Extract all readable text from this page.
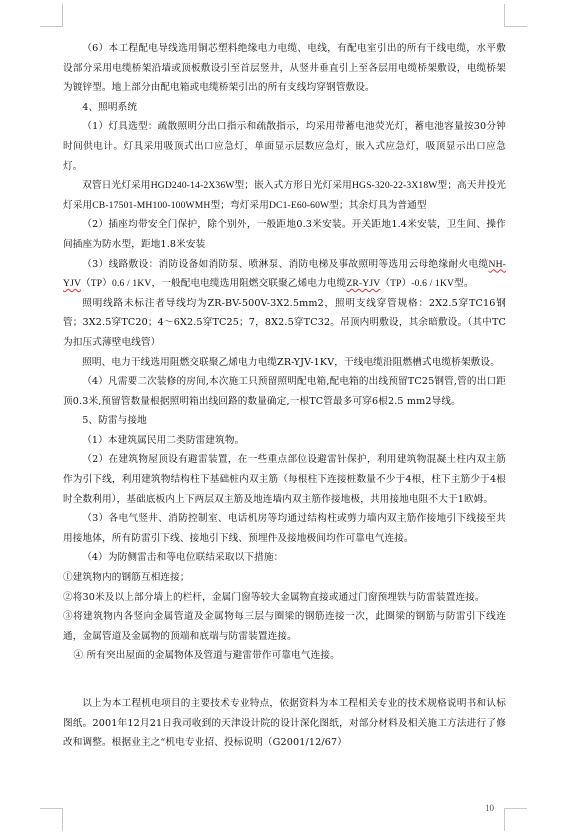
（6）本工程配电导线选用铜芯塑料绝缘电力电缆、电线，有配电室引出的所有干线电缆，水平敷设部分采用电缆桥架沿墙或顶板敷设引至首层竖井，从竖井垂直引上至各层用电缆桥架敷设，电缆桥架为镀锌型。地上部分由配电箱或电缆桥架引出的所有支线均穿钢管敷设。

4、照明系统

（1）灯具选型：疏散照明分出口指示和疏散指示，均采用带蓄电池荧光灯，蓄电池容量按30分钟时间供电计。灯具采用吸顶式出口应急灯，单面显示层数应急灯，嵌入式应急灯，吸顶显示出口应急灯。

双管日光灯采用HGD240-14-2X36W型；嵌入式方形日光灯采用HGS-320-22-3X18W型；高天井投光灯采用CB-17501-MH100-100WMH型；弯灯采用DC1-E60-60W型；其余灯具为普通型

（2）插座均带安全门保护，除个别外，一般距地0.3米安装。开关距地1.4米安装，卫生间、操作间插座为防水型，距地1.8米安装

（3）线路敷设：消防设备如消防泵、喷淋泵、消防电梯及事故照明等选用云母绝缘耐火电缆NH-YJV（TP）0.6 / 1KV，一般配电电缆选用阻燃交联聚乙烯电力电缆ZR-YJV（TP）-0.6 / 1KV型。

照明线路未标注者导线均为ZR-BV-500V-3X2.5mm2，照明支线穿管规格：2X2.5穿TC16钢管；3X2.5穿TC20；4～6X2.5穿TC25；7，8X2.5穿TC32。吊顶内明敷设，其余暗敷设。（其中TC为扣压式薄壁电线管）

照明、电力干线选用阻燃交联聚乙烯电力电缆ZR-YJV-1KV，干线电缆沿阻燃槽式电缆桥架敷设。

（4）凡需要二次装修的房间,本次施工只预留照明配电箱,配电箱的出线预留TC25钢管,管的出口距顶0.3米,预留管数量根据照明箱出线回路的数量确定,一根TC管最多可穿6根2.5 mm2导线。

5、防雷与接地

（1）本建筑属民用二类防雷建筑物。

（2）在建筑物屋顶设有避雷装置，在一些重点部位设避雷针保护，利用建筑物混凝土柱内双主筋作为引下线，利用建筑物结构柱下基础桩内双主筋（每根柱下连接桩数量不少于4根，柱下主筋少于4根时全数利用），基础底板内上下两层双主筋及地连墙内双主筋作接地极，共用接地电阻不大于1欧姆。

（3）各电气竖井、消防控制室、电话机房等均通过结构柱或剪力墙内双主筋作接地引下线接至共用接地体，所有防雷引下线、接地引下线、预埋件及接地极间均作可靠电气连接。

（4）为防侧雷击和等电位联结采取以下措施：

①建筑物内的钢筋互相连接；

②将30米及以上部分墙上的栏杆，金属门窗等较大金属物直接或通过门窗预埋铁与防雷装置连接。

③将建筑物内各竖向金属管道及金属物每三层与圈梁的钢筋连接一次，此圈梁的钢筋与防雷引下线连通，金属管道及金属物的顶端和底端与防雷装置连接。

④ 所有突出屋面的金属物体及管道与避雷带作可靠电气连接。

以上为本工程机电项目的主要技术专业特点，依据资料为本工程相关专业的技术规格说明书和认标图纸。2001年12月21日我司收到的天津设计院的设计深化图纸，对部分材料及相关施工方法进行了修改和调整。根据业主之“机电专业招、投标说明（G2001/12/67）

10
